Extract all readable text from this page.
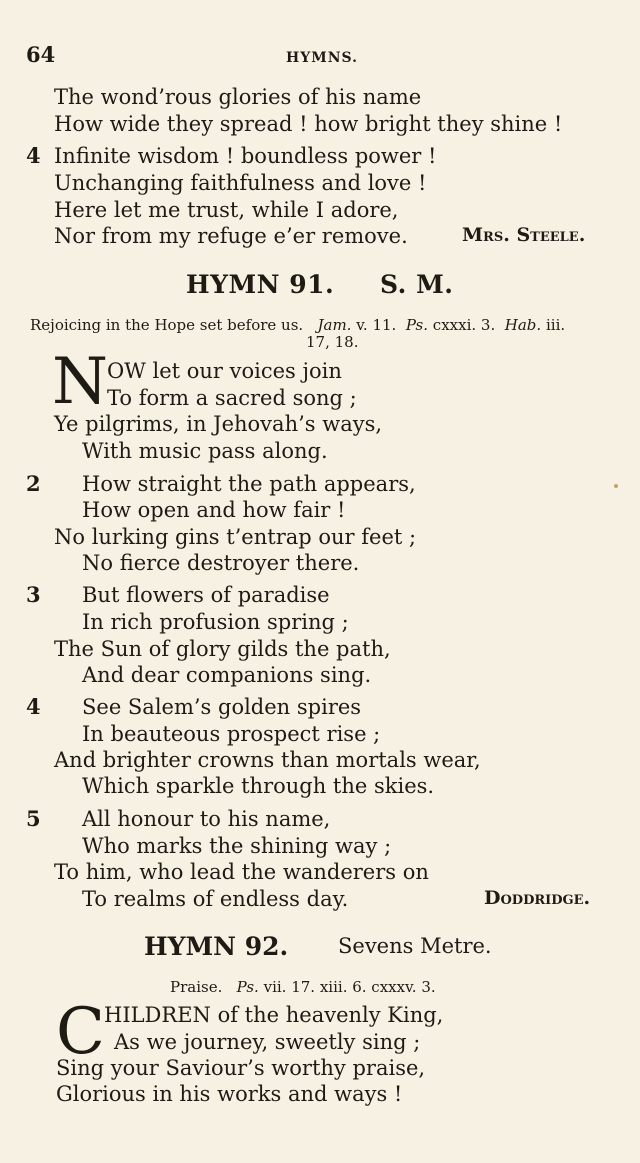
64	HYMNS.
The wond’rous glories of his name
How wide they spread ! how bright they shine !
4 Infinite wisdom ! boundless power !
Unchanging faithfulness and love !
Here let me trust, while I adore,
Nor from my refuge e’er remove.	Mrs. Steele.
HYMN 91. S. M.
Rejoicing in the Hope set before us. Jam. v. 11. Ps. cxxxi. 3. Hab. iii.
17, 18.
N OW let our voices join
To form a sacred song ;
Ye pilgrims, in Jehovah’s ways,
With music pass along.
2 How straight the path appears,
How open and how fair !
No lurking gins t’entrap our feet ;
No fierce destroyer there.
3 But flowers of paradise
In rich profusion spring ;
The Sun of glory gilds the path,
And dear companions sing.
4 See Salem’s golden spires
In beauteous prospect rise ;
And brighter crowns than mortals wear,
Which sparkle through the skies.
5 All honour to his name,
Who marks the shining way ;
To him, who lead the wanderers on
To realms of endless day.	Doddridge.
HYMN 92. Sevens Metre.
Praise. Ps. vii. 17. xiii. 6. cxxxv. 3.
C HILDREN of the heavenly King,
As we journey, sweetly sing ;
Sing your Saviour’s worthy praise,
Glorious in his works and ways !
